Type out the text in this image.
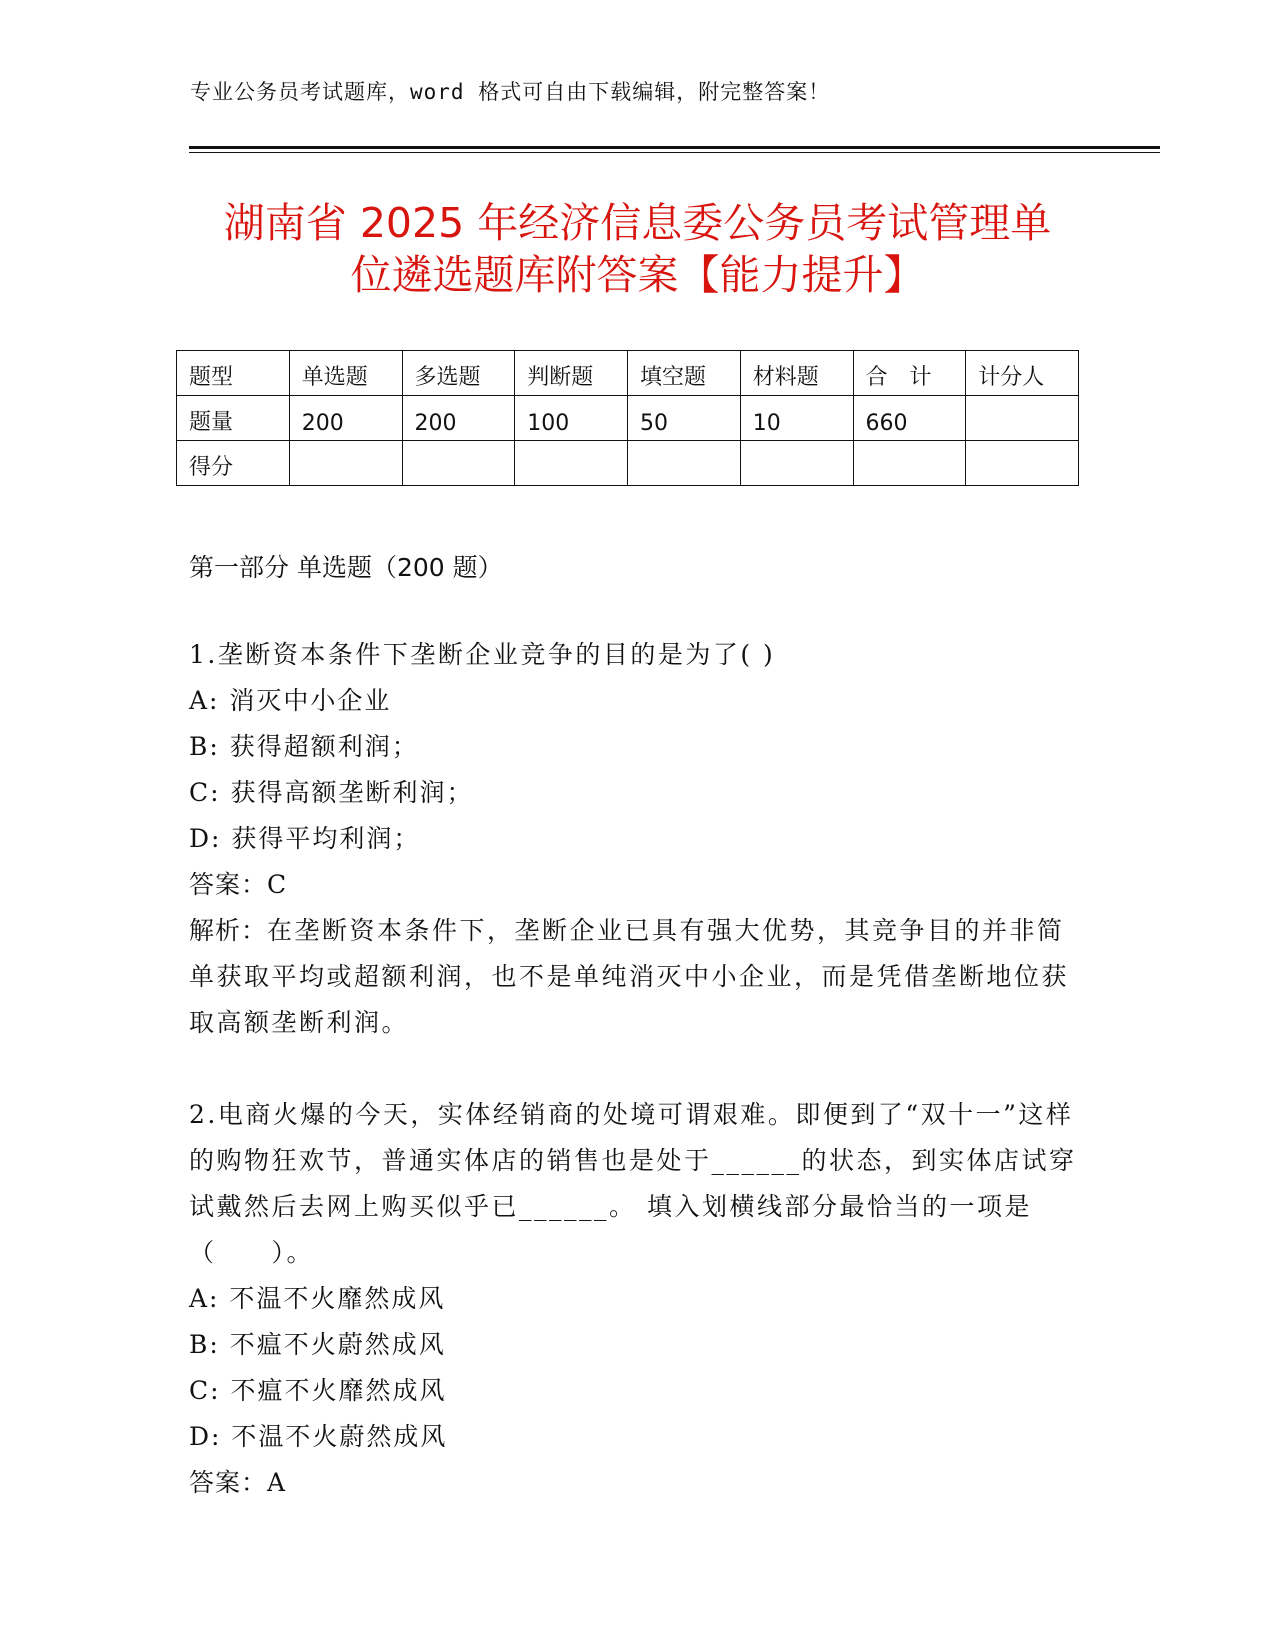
专业公务员考试题库，word 格式可自由下载编辑，附完整答案！
湖南省 2025 年经济信息委公务员考试管理单
位遴选题库附答案【能力提升】
题型	单选题	多选题	判断题	填空题	材料题	合　计	计分人
题量	200	200	100	50	10	660	
得分							
第一部分 单选题（200 题）
1.垄断资本条件下垄断企业竞争的目的是为了( )
A: 消灭中小企业
B: 获得超额利润；
C: 获得高额垄断利润；
D: 获得平均利润；
答案：C
解析：在垄断资本条件下，垄断企业已具有强大优势，其竞争目的并非简单获取平均或超额利润，也不是单纯消灭中小企业，而是凭借垄断地位获取高额垄断利润。
2.电商火爆的今天，实体经销商的处境可谓艰难。即便到了“双十一”这样的购物狂欢节，普通实体店的销售也是处于______的状态，到实体店试穿试戴然后去网上购买似乎已______。 填入划横线部分最恰当的一项是（　　）。
A: 不温不火靡然成风
B: 不瘟不火蔚然成风
C: 不瘟不火靡然成风
D: 不温不火蔚然成风
答案：A
